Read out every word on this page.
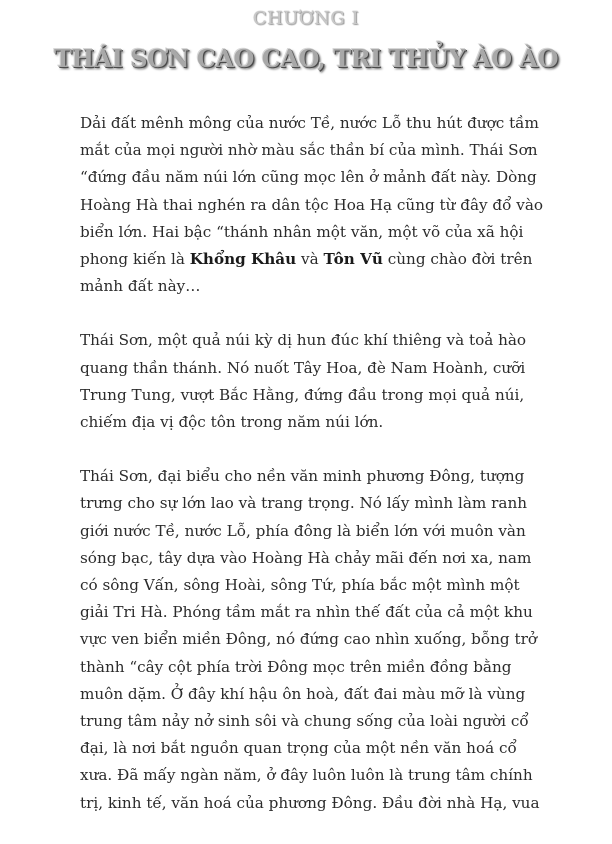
CHƯƠNG I
THÁI SƠN CAO CAO, TRI THỦY ÀO ÀO

Dải đất mênh mông của nước Tề, nước Lỗ thu hút được tầm
mắt của mọi người nhờ màu sắc thần bí của mình. Thái Sơn
“đứng đầu năm núi lớn cũng mọc lên ở mảnh đất này. Dòng
Hoàng Hà thai nghén ra dân tộc Hoa Hạ cũng từ đây đổ vào
biển lớn. Hai bậc “thánh nhân một văn, một võ của xã hội
phong kiến là Khổng Khâu và Tôn Vũ cùng chào đời trên
mảnh đất này…

Thái Sơn, một quả núi kỳ dị hun đúc khí thiêng và toả hào
quang thần thánh. Nó nuốt Tây Hoa, đè Nam Hoành, cưỡi
Trung Tung, vượt Bắc Hằng, đứng đầu trong mọi quả núi,
chiếm địa vị độc tôn trong năm núi lớn.

Thái Sơn, đại biểu cho nền văn minh phương Đông, tượng
trưng cho sự lớn lao và trang trọng. Nó lấy mình làm ranh
giới nước Tề, nước Lỗ, phía đông là biển lớn với muôn vàn
sóng bạc, tây dựa vào Hoàng Hà chảy mãi đến nơi xa, nam
có sông Vấn, sông Hoài, sông Tứ, phía bắc một mình một
giải Tri Hà. Phóng tầm mắt ra nhìn thế đất của cả một khu
vực ven biển miền Đông, nó đứng cao nhìn xuống, bỗng trở
thành “cây cột phía trời Đông mọc trên miền đồng bằng
muôn dặm. Ở đây khí hậu ôn hoà, đất đai màu mỡ là vùng
trung tâm nảy nở sinh sôi và chung sống của loài người cổ
đại, là nơi bắt nguồn quan trọng của một nền văn hoá cổ
xưa. Đã mấy ngàn năm, ở đây luôn luôn là trung tâm chính
trị, kinh tế, văn hoá của phương Đông. Đầu đời nhà Hạ, vua
